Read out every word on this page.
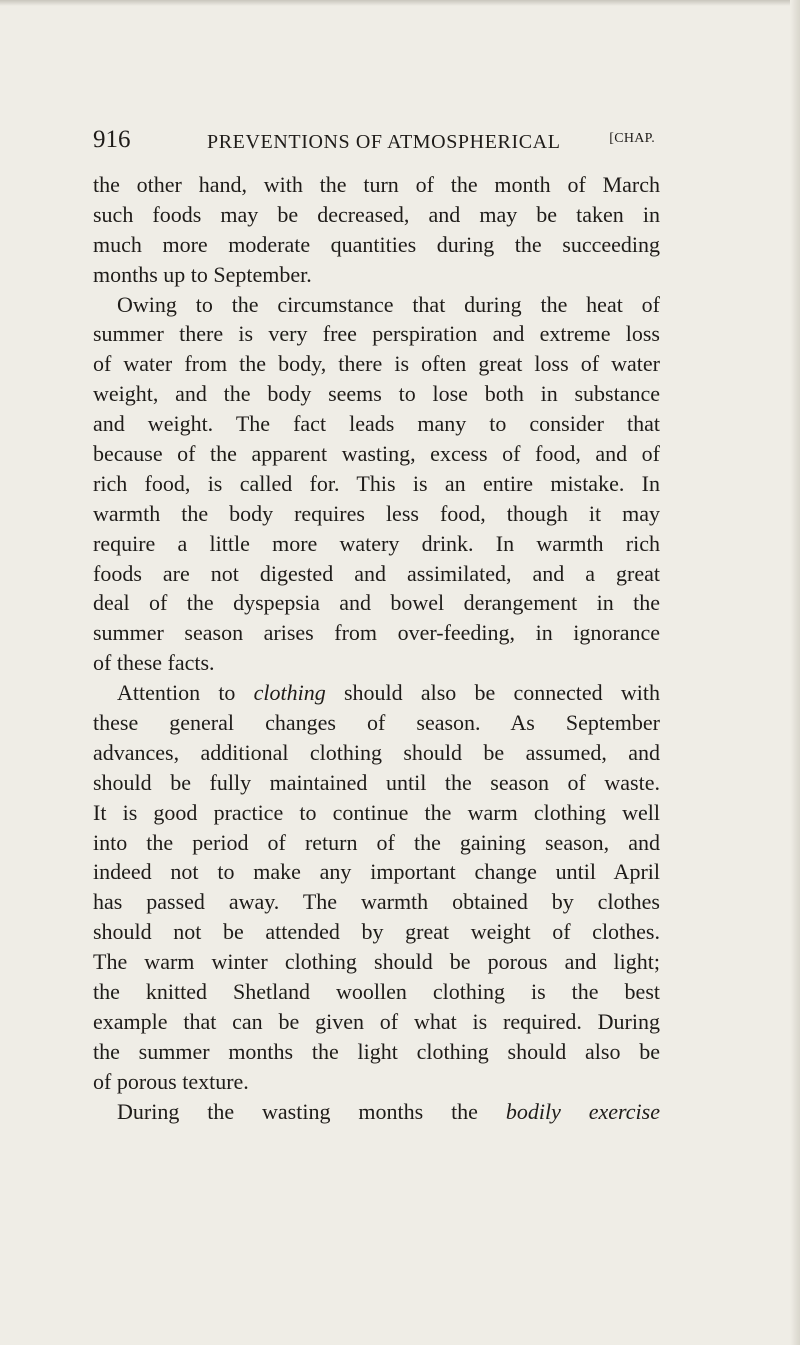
916	PREVENTIONS OF ATMOSPHERICAL	[CHAP.
the other hand, with the turn of the month of March
such foods may be decreased, and may be taken in
much more moderate quantities during the succeeding
months up to September.
Owing to the circumstance that during the heat of
summer there is very free perspiration and extreme loss
of water from the body, there is often great loss of water
weight, and the body seems to lose both in substance
and weight. The fact leads many to consider that
because of the apparent wasting, excess of food, and of
rich food, is called for. This is an entire mistake. In
warmth the body requires less food, though it may
require a little more watery drink. In warmth rich
foods are not digested and assimilated, and a great
deal of the dyspepsia and bowel derangement in the
summer season arises from over-feeding, in ignorance
of these facts.
Attention to clothing should also be connected with
these general changes of season. As September
advances, additional clothing should be assumed, and
should be fully maintained until the season of waste.
It is good practice to continue the warm clothing well
into the period of return of the gaining season, and
indeed not to make any important change until April
has passed away. The warmth obtained by clothes
should not be attended by great weight of clothes.
The warm winter clothing should be porous and light;
the knitted Shetland woollen clothing is the best
example that can be given of what is required. During
the summer months the light clothing should also be
of porous texture.
During the wasting months the bodily exercise
